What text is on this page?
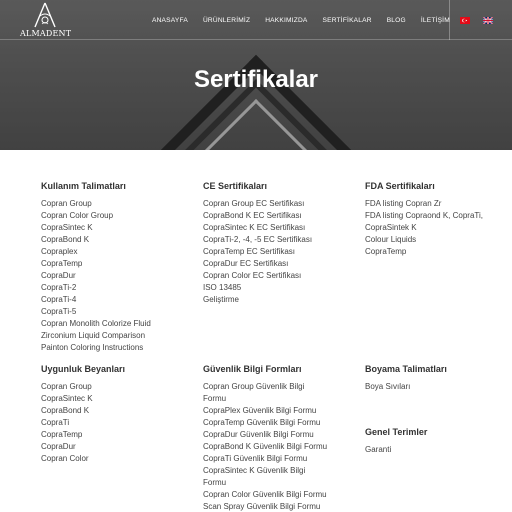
ALMADENT
ANASAYFA ÜRÜNLERİMİZ HAKKIMIZDA SERTİFİKALAR BLOG İLETİŞİM
Sertifikalar
Kullanım Talimatları
Copran Group
Copran Color Group
CopraSintec K
CopraBond K
Copraplex
CopraTemp
CopraDur
CopraTi-2
CopraTi-4
CopraTi-5
Copran Monolith Colorize Fluid
Zirconium Liquid Comparison
Painton Coloring Instructions
CE Sertifikaları
Copran Group EC Sertifikası
CopraBond K EC Sertifikası
CopraSintec K EC Sertifikası
CopraTi-2, -4, -5 EC Sertifikası
CopraTemp EC Sertifikası
CopraDur EC Sertifikası
Copran Color EC Sertifikası
ISO 13485
Geliştirme
FDA Sertifikaları
FDA listing Copran Zr
FDA listing Copraond K, CopraTi,
CopraSintek K
Colour Liquids
CopraTemp
Uygunluk Beyanları
Copran Group
CopraSintec K
CopraBond K
CopraTi
CopraTemp
CopraDur
Copran Color
Güvenlik Bilgi Formları
Copran Group Güvenlik Bilgi
Formu
CopraPlex Güvenlik Bilgi Formu
CopraTemp Güvenlik Bilgi Formu
CopraDur Güvenlik Bilgi Formu
CopraBond K Güvenlik Bilgi Formu
CopraTi Güvenlik Bilgi Formu
CopraSintec K Güvenlik Bilgi
Formu
Copran Color Güvenlik Bilgi Formu
Scan Spray Güvenlik Bilgi Formu
Boyama Talimatları
Boya Sıvıları
Genel Terimler
Garanti
